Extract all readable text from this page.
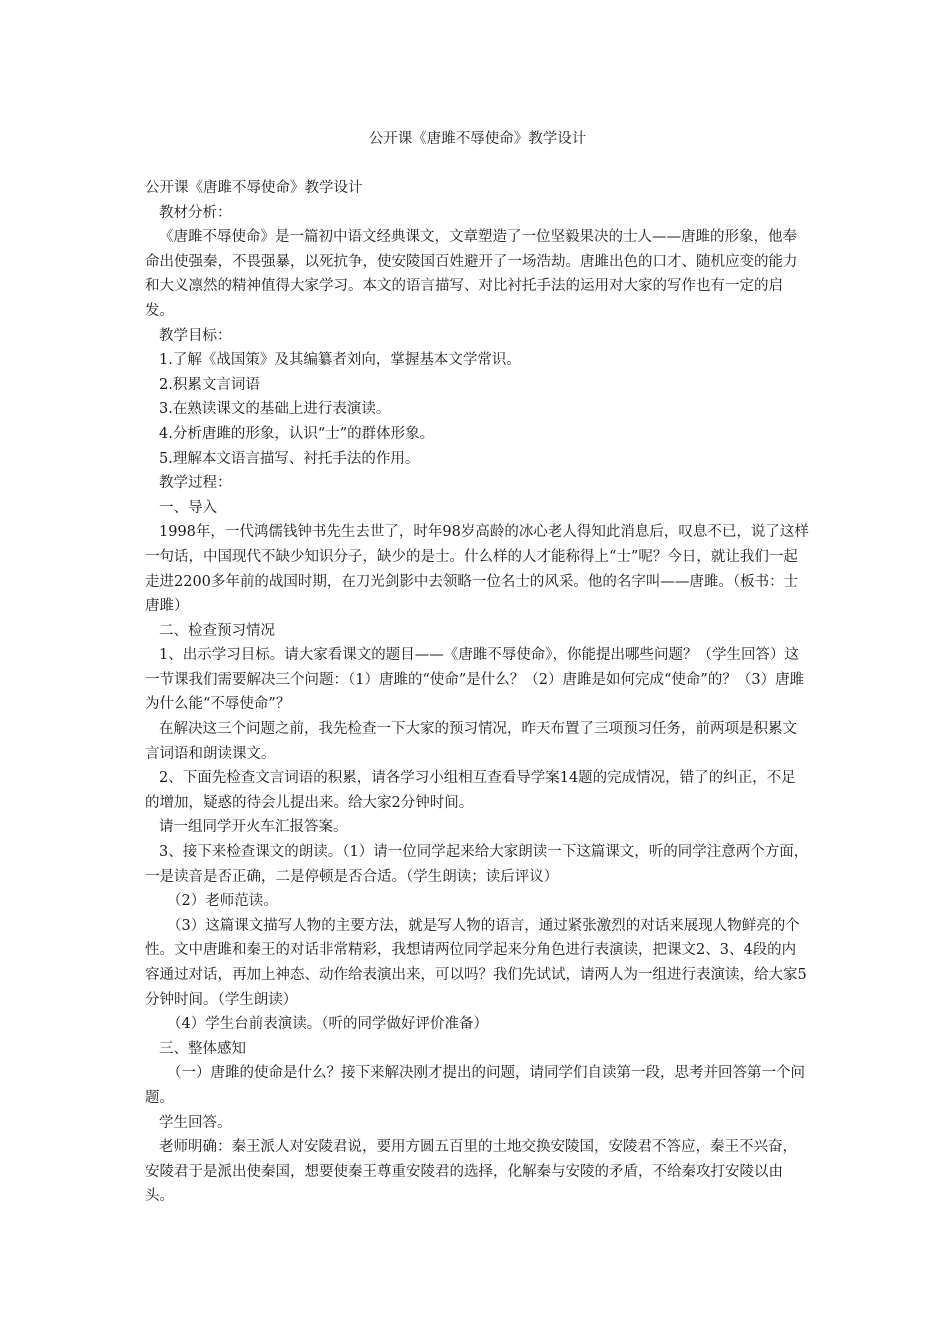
公开课《唐雎不辱使命》教学设计

公开课《唐雎不辱使命》教学设计

教材分析：

《唐雎不辱使命》是一篇初中语文经典课文，文章塑造了一位坚毅果决的士人——唐雎的形象，他奉命出使强秦，不畏强暴，以死抗争，使安陵国百姓避开了一场浩劫。唐雎出色的口才、随机应变的能力和大义凛然的精神值得大家学习。本文的语言描写、对比衬托手法的运用对大家的写作也有一定的启发。

教学目标：

1.了解《战国策》及其编纂者刘向，掌握基本文学常识。

2.积累文言词语

3.在熟读课文的基础上进行表演读。

4.分析唐雎的形象，认识“士”的群体形象。

5.理解本文语言描写、衬托手法的作用。

教学过程：

一、导入

1998年，一代鸿儒钱钟书先生去世了，时年98岁高龄的冰心老人得知此消息后，叹息不已，说了这样一句话，中国现代不缺少知识分子，缺少的是士。什么样的人才能称得上“士”呢？今日，就让我们一起走进2200多年前的战国时期，在刀光剑影中去领略一位名士的风采。他的名字叫——唐雎。（板书：士唐雎）

二、检查预习情况

1、出示学习目标。请大家看课文的题目——《唐雎不辱使命》，你能提出哪些问题？（学生回答）这一节课我们需要解决三个问题：（1）唐雎的“使命”是什么？（2）唐雎是如何完成“使命”的？（3）唐雎为什么能“不辱使命”？

在解决这三个问题之前，我先检查一下大家的预习情况，昨天布置了三项预习任务，前两项是积累文言词语和朗读课文。

2、下面先检查文言词语的积累，请各学习小组相互查看导学案14题的完成情况，错了的纠正，不足的增加，疑惑的待会儿提出来。给大家2分钟时间。

请一组同学开火车汇报答案。

3、接下来检查课文的朗读。（1）请一位同学起来给大家朗读一下这篇课文，听的同学注意两个方面，一是读音是否正确，二是停顿是否合适。（学生朗读；读后评议）

（2）老师范读。

（3）这篇课文描写人物的主要方法，就是写人物的语言，通过紧张激烈的对话来展现人物鲜亮的个性。文中唐雎和秦王的对话非常精彩，我想请两位同学起来分角色进行表演读，把课文2、3、4段的内容通过对话，再加上神态、动作给表演出来，可以吗？我们先试试，请两人为一组进行表演读，给大家5分钟时间。（学生朗读）

（4）学生台前表演读。（听的同学做好评价准备）

三、整体感知

（一）唐雎的使命是什么？接下来解决刚才提出的问题，请同学们自读第一段，思考并回答第一个问题。

学生回答。

老师明确：秦王派人对安陵君说，要用方圆五百里的土地交换安陵国，安陵君不答应，秦王不兴奋，安陵君于是派出使秦国，想要使秦王尊重安陵君的选择，化解秦与安陵的矛盾，不给秦攻打安陵以由头。
